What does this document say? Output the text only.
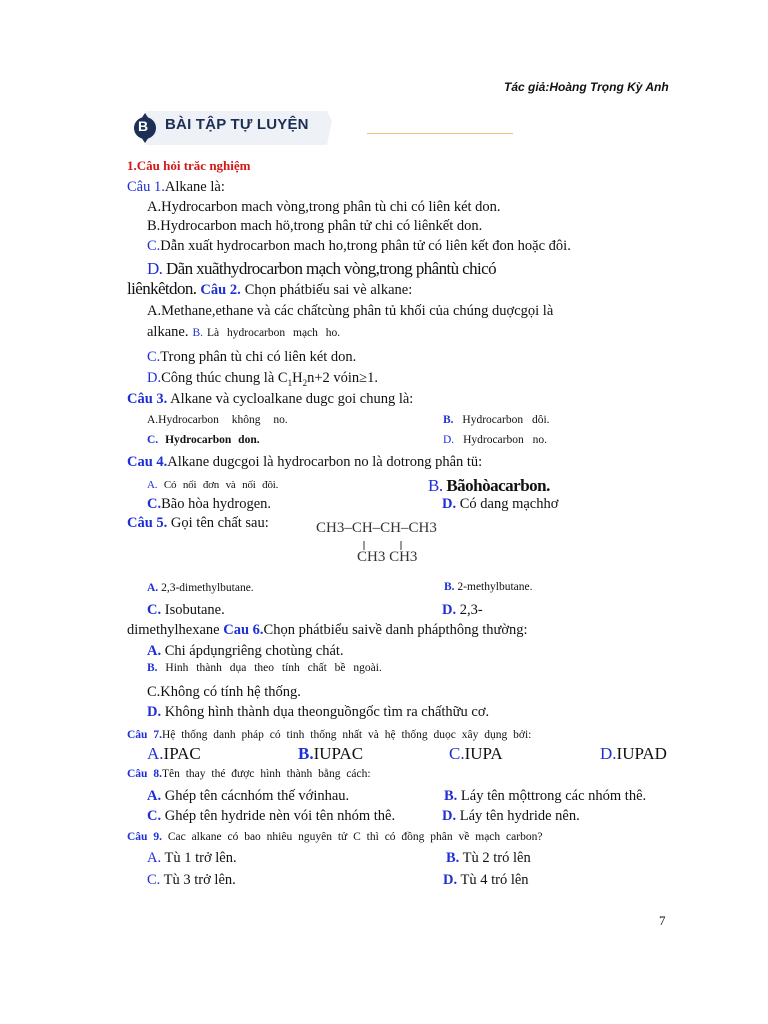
Tác giả:Hoàng Trọng Kỳ Anh
B BÀI TẬP TỰ LUYỆN
1.Câu hỏi trăc nghiệm
Câu 1.Alkane là:
A.Hydrocarbon mach vòng,trong phân tù chi có liên két don.
B.Hydrocarbon mach hö,trong phân tử chi có liênkết don.
C.Dẫn xuất hydrocarbon mach ho,trong phân tử có liên kết đon hoặc đôi.
D. Dãn xuãthydrocarbon mạch vòng,trong phântù chicó
liênkêtdon. Câu 2. Chọn phátbiếu sai vè alkane:
A.Methane,ethane và các chấtcùng phân tủ khối của chúng duợcgọi là
alkane. B. Là hydrocarbon mạch ho.
C.Trong phân tù chi có liên két don.
D.Công thúc chung là $C_1H_2n+2$ vóin≥1.
Câu 3. Alkane và cycloalkane dugc goi chung là:
A.Hydrocarbon không no.	B. Hydrocarbon dôi.
C. Hydrocarbon don.	D. Hydrocarbon no.
Cau 4.Alkane dugcgoi là hydrocarbon no là dotrong phân tü:
A. Có nối đơn và nối đôi.	B. Bãohòacarbon.
C.Bão hòa hydrogen.	D. Có dang mạchhơ
Câu 5. Gọi tên chất sau:	CH3–CH–CH–CH3
CH3 CH3
A. 2,3-dimethylbutane.	B. 2-methylbutane.
C. Isobutane.	D. 2,3-
dimethylhexane Cau 6.Chọn phátbiểu saivề danh phápthông thường:
A. Chi ápdụngriêng chotùng chát.
B. Hinh thành dụa theo tính chất bề ngoài.
C.Không có tính hệ thống.
D. Không hình thành dụa theonguồngốc tìm ra chấthữu cơ.
Câu 7.Hệ thống danh pháp có tinh thống nhất và hệ thống duọc xây dụng bởi:
A.IPAC	B.IUPAC	C.IUPA	D.IUPAD
Câu 8.Tên thay thé được hình thành bằng cách:
A. Ghép tên cácnhóm thế vớinhau.	B. Láy tên mộttrong các nhóm thê.
C. Ghép tên hydride nèn vói tên nhóm thê.	D. Láy tên hydride nên.
Câu 9. Cac alkane có bao nhiêu nguyên tử C thì có đồng phân về mạch carbon?
A. Tù 1 trở lên.	B. Tù 2 tró lên
C. Tù 3 trở lên.	D. Tù 4 tró lên
7
